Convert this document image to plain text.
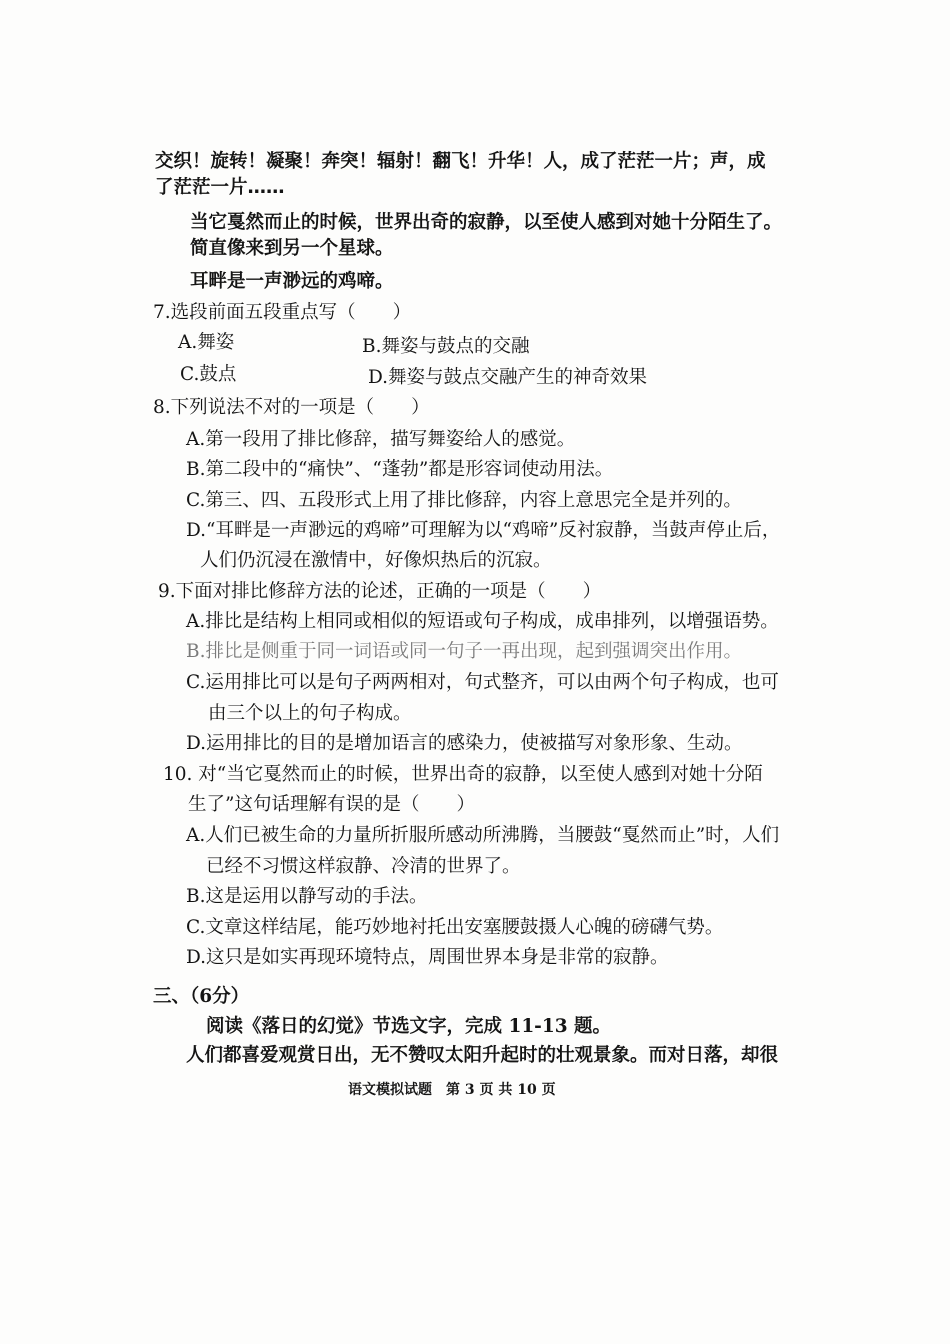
交织！旋转！凝聚！奔突！辐射！翻飞！升华！人，成了茫茫一片；声，成
了茫茫一片……
当它戛然而止的时候，世界出奇的寂静，以至使人感到对她十分陌生了。
简直像来到另一个星球。
耳畔是一声渺远的鸡啼。
7.选段前面五段重点写（　　）
A.舞姿	B.舞姿与鼓点的交融
C.鼓点	D.舞姿与鼓点交融产生的神奇效果
8.下列说法不对的一项是（　　）
A.第一段用了排比修辞，描写舞姿给人的感觉。
B.第二段中的“痛快”、“蓬勃”都是形容词使动用法。
C.第三、四、五段形式上用了排比修辞，内容上意思完全是并列的。
D.“耳畔是一声渺远的鸡啼”可理解为以“鸡啼”反衬寂静，当鼓声停止后，
人们仍沉浸在激情中，好像炽热后的沉寂。
9.下面对排比修辞方法的论述，正确的一项是（　　）
A.排比是结构上相同或相似的短语或句子构成，成串排列，以增强语势。
B.排比是侧重于同一词语或同一句子一再出现，起到强调突出作用。
C.运用排比可以是句子两两相对，句式整齐，可以由两个句子构成，也可
由三个以上的句子构成。
D.运用排比的目的是增加语言的感染力，使被描写对象形象、生动。
10. 对“当它戛然而止的时候，世界出奇的寂静，以至使人感到对她十分陌
生了”这句话理解有误的是（　　）
A.人们已被生命的力量所折服所感动所沸腾，当腰鼓“戛然而止”时，人们
已经不习惯这样寂静、冷清的世界了。
B.这是运用以静写动的手法。
C.文章这样结尾，能巧妙地衬托出安塞腰鼓摄人心魄的磅礴气势。
D.这只是如实再现环境特点，周围世界本身是非常的寂静。
三、（6分）
阅读《落日的幻觉》节选文字，完成 11-13 题。
人们都喜爱观赏日出，无不赞叹太阳升起时的壮观景象。而对日落，却很
语文模拟试题　第 3 页 共 10 页
